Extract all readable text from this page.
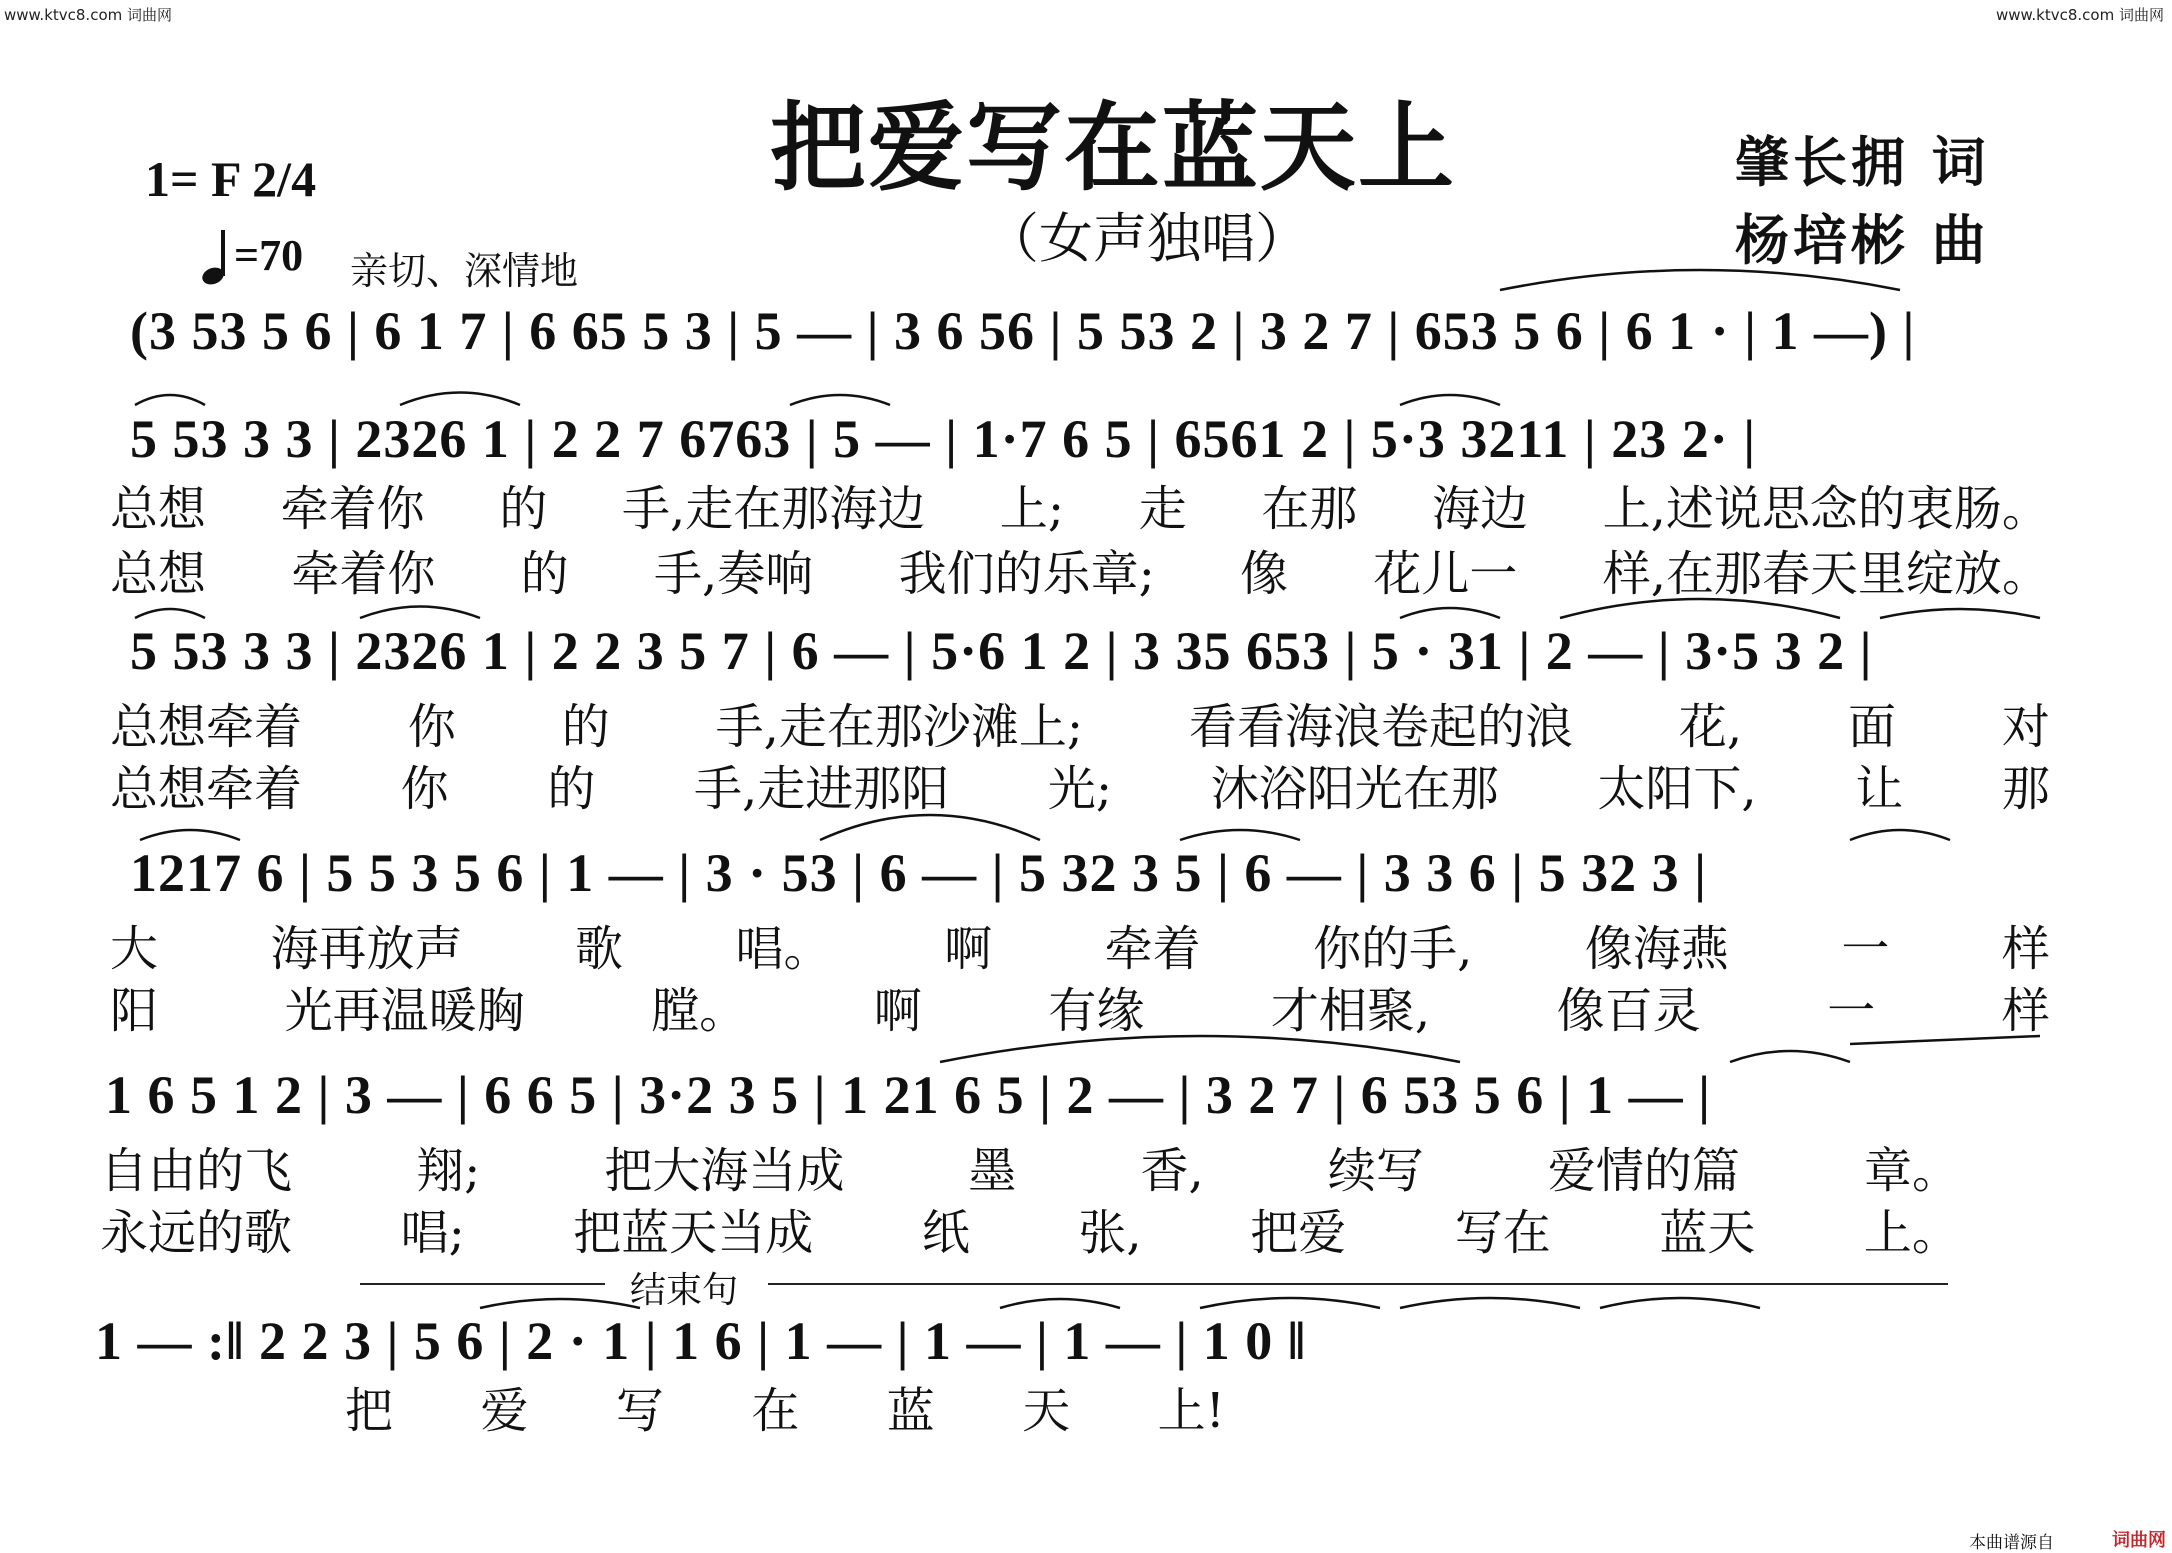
www.ktvc8.com 词曲网	www.ktvc8.com 词曲网
把爱写在蓝天上
（女声独唱）
1= F 2/4
=70 亲切、深情地
肇长拥 词
杨培彬 曲
(3 53 5 6 | 6 1 7 | 6 65 5 3 | 5 — | 3 6 56 | 5 53 2 | 3 2 7 | 653 5 6 | 6 1 · | 1 —) |
5 53 3 3 | 2326 1 | 2 2 7 6763 | 5 — | 1·7 6 5 | 6561 2 | 5·3 3211 | 23 2· |
5 53 3 3 | 2326 1 | 2 2 3 5 7 | 6 — | 5·6 1 2 | 3 35 653 | 5 · 31 | 2 — | 3·5 3 2 |
1217 6 | 5 5 3 5 6 | 1 — | 3 · 53 | 6 — | 5 32 3 5 | 6 — | 3 3 6 | 5 32 3 |
1 6 5 1 2 | 3 — | 6 6 5 | 3·2 3 5 | 1 21 6 5 | 2 — | 3 2 7 | 6 53 5 6 | 1 — |
1 — :‖ 2 2 3 | 5 6 | 2 · 1 | 1 6 | 1 — | 1 — | 1 — | 1 0 ‖
总想 牵着你 的 手,走在那海边 上; 走 在那 海边 上,述说思念的衷肠。
总想 牵着你 的 手,奏响 我们的乐章; 像 花儿一 样,在那春天里绽放。
总想牵着 你 的 手,走在那沙滩上; 看看海浪卷起的浪 花, 面 对
总想牵着 你 的 手,走进那阳 光; 沐浴阳光在那 太阳下, 让 那
大 海再放声 歌 唱。 啊 牵着 你的手, 像海燕 一 样
阳	光再温暖胸	膛。	啊	有缘	才相聚,	像百灵	一	样
自由的飞	翔;	把大海当成	墨	香,	续写	爱情的篇	章。
永远的歌 唱; 把蓝天当成 纸 张, 把爱 写在 蓝天 上。
结束句
把 爱 写 在 蓝 天 上!
本曲谱源自	词曲网
